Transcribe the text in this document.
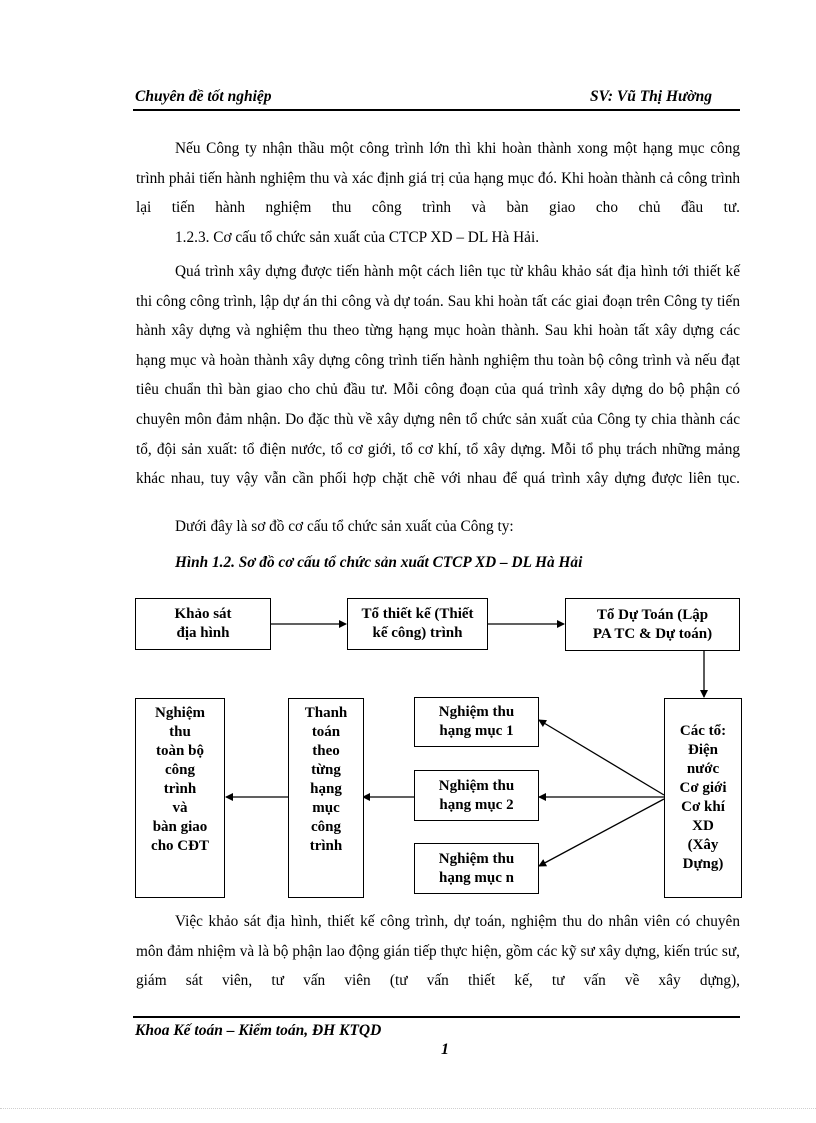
Chuyên đề tốt nghiệp	SV: Vũ Thị Hường
Nếu Công ty nhận thầu một công trình lớn thì khi hoàn thành xong một hạng mục công trình phải tiến hành nghiệm thu và xác định giá trị của hạng mục đó. Khi hoàn thành cả công trình lại tiến hành nghiệm thu công trình và bàn giao cho chủ đầu tư.
1.2.3. Cơ cấu tổ chức sản xuất của CTCP XD – DL Hà Hải.
Quá trình xây dựng được tiến hành một cách liên tục từ khâu khảo sát địa hình tới thiết kế thi công công trình, lập dự án thi công và dự toán. Sau khi hoàn tất các giai đoạn trên Công ty tiến hành xây dựng và nghiệm thu theo từng hạng mục hoàn thành. Sau khi hoàn tất xây dựng các hạng mục và hoàn thành xây dựng công trình tiến hành nghiệm thu toàn bộ công trình và nếu đạt tiêu chuẩn thì bàn giao cho chủ đầu tư. Mỗi công đoạn của quá trình xây dựng do bộ phận có chuyên môn đảm nhận. Do đặc thù về xây dựng nên tổ chức sản xuất của Công ty chia thành các tổ, đội sản xuất: tổ điện nước, tổ cơ giới, tổ cơ khí, tổ xây dựng. Mỗi tổ phụ trách những mảng khác nhau, tuy vậy vẫn cần phối hợp chặt chẽ với nhau để quá trình xây dựng được liên tục.
Dưới đây là sơ đồ cơ cấu tổ chức sản xuất của Công ty:
Hình 1.2. Sơ đồ cơ cấu tổ chức sản xuất CTCP XD – DL Hà Hải
Khảo sát
địa hình
Tổ thiết kế (Thiết
kế công) trình
Tổ Dự Toán (Lập
PA TC & Dự toán)
Các tổ:
Điện
nước
Cơ giới
Cơ khí
XD
(Xây
Dựng)
Nghiệm thu
hạng mục 1
Nghiệm thu
hạng mục 2
Nghiệm thu
hạng mục n
Thanh
toán
theo
từng
hạng
mục
công
trình
Nghiệm
thu
toàn bộ
công
trình
và
bàn giao
cho CĐT
Việc khảo sát địa hình, thiết kế công trình, dự toán, nghiệm thu do nhân viên có chuyên môn đảm nhiệm và là bộ phận lao động gián tiếp thực hiện, gồm các kỹ sư xây dựng, kiến trúc sư, giám sát viên, tư vấn viên (tư vấn thiết kế, tư vấn về xây dựng),
Khoa Kế toán – Kiểm toán, ĐH KTQD
1
